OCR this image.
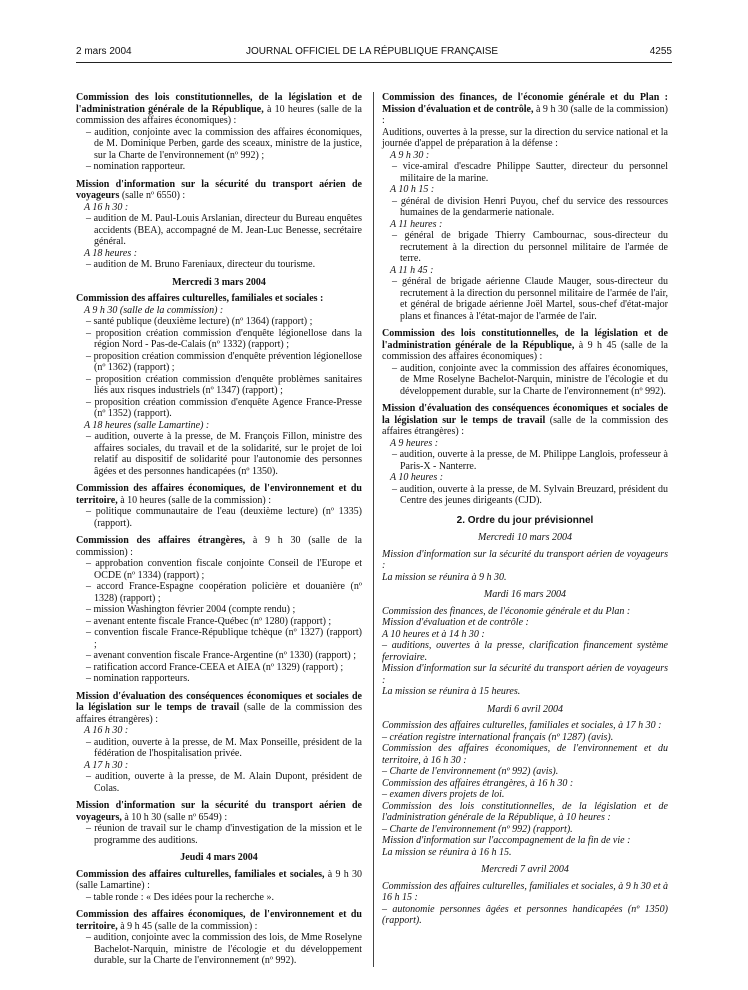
2 mars 2004	JOURNAL OFFICIEL DE LA RÉPUBLIQUE FRANÇAISE	4255
Commission des lois constitutionnelles, de la législation et de l'administration générale de la République, à 10 heures (salle de la commission des affaires économiques) :
– audition, conjointe avec la commission des affaires économiques, de M. Dominique Perben, garde des sceaux, ministre de la justice, sur la Charte de l'environnement (nº 992) ;
– nomination rapporteur.
Mission d'information sur la sécurité du transport aérien de voyageurs (salle nº 6550) :
A 16 h 30 :
– audition de M. Paul-Louis Arslanian, directeur du Bureau enquêtes accidents (BEA), accompagné de M. Jean-Luc Benesse, secrétaire général.
A 18 heures :
– audition de M. Bruno Fareniaux, directeur du tourisme.
Mercredi 3 mars 2004
Commission des affaires culturelles, familiales et sociales :
A 9 h 30 (salle de la commission) :
– santé publique (deuxième lecture) (nº 1364) (rapport) ;
– proposition création commission d'enquête légionellose dans la région Nord - Pas-de-Calais (nº 1332) (rapport) ;
– proposition création commission d'enquête prévention légionellose (nº 1362) (rapport) ;
– proposition création commission d'enquête problèmes sanitaires liés aux risques industriels (nº 1347) (rapport) ;
– proposition création commission d'enquête Agence France-Presse (nº 1352) (rapport).
A 18 heures (salle Lamartine) :
– audition, ouverte à la presse, de M. François Fillon, ministre des affaires sociales, du travail et de la solidarité, sur le projet de loi relatif au dispositif de solidarité pour l'autonomie des personnes âgées et des personnes handicapées (nº 1350).
Commission des affaires économiques, de l'environnement et du territoire, à 10 heures (salle de la commission) :
– politique communautaire de l'eau (deuxième lecture) (nº 1335) (rapport).
Commission des affaires étrangères, à 9 h 30 (salle de la commission) :
– approbation convention fiscale conjointe Conseil de l'Europe et OCDE (nº 1334) (rapport) ;
– accord France-Espagne coopération policière et douanière (nº 1328) (rapport) ;
– mission Washington février 2004 (compte rendu) ;
– avenant entente fiscale France-Québec (nº 1280) (rapport) ;
– convention fiscale France-République tchèque (nº 1327) (rapport) ;
– avenant convention fiscale France-Argentine (nº 1330) (rapport) ;
– ratification accord France-CEEA et AIEA (nº 1329) (rapport) ;
– nomination rapporteurs.
Mission d'évaluation des conséquences économiques et sociales de la législation sur le temps de travail (salle de la commission des affaires étrangères) :
A 16 h 30 :
– audition, ouverte à la presse, de M. Max Ponseille, président de la fédération de l'hospitalisation privée.
A 17 h 30 :
– audition, ouverte à la presse, de M. Alain Dupont, président de Colas.
Mission d'information sur la sécurité du transport aérien de voyageurs, à 10 h 30 (salle nº 6549) :
– réunion de travail sur le champ d'investigation de la mission et le programme des auditions.
Jeudi 4 mars 2004
Commission des affaires culturelles, familiales et sociales, à 9 h 30 (salle Lamartine) :
– table ronde : « Des idées pour la recherche ».
Commission des affaires économiques, de l'environnement et du territoire, à 9 h 45 (salle de la commission) :
– audition, conjointe avec la commission des lois, de Mme Roselyne Bachelot-Narquin, ministre de l'écologie et du développement durable, sur la Charte de l'environnement (nº 992).
Commission des finances, de l'économie générale et du Plan : Mission d'évaluation et de contrôle, à 9 h 30 (salle de la commission) :
Auditions, ouvertes à la presse, sur la direction du service national et la journée d'appel de préparation à la défense :
A 9 h 30 :
– vice-amiral d'escadre Philippe Sautter, directeur du personnel militaire de la marine.
A 10 h 15 :
– général de division Henri Puyou, chef du service des ressources humaines de la gendarmerie nationale.
A 11 heures :
– général de brigade Thierry Cambournac, sous-directeur du recrutement à la direction du personnel militaire de l'armée de terre.
A 11 h 45 :
– général de brigade aérienne Claude Mauger, sous-directeur du recrutement à la direction du personnel militaire de l'armée de l'air, et général de brigade aérienne Joël Martel, sous-chef d'état-major plans et finances à l'état-major de l'armée de l'air.
Commission des lois constitutionnelles, de la législation et de l'administration générale de la République, à 9 h 45 (salle de la commission des affaires économiques) :
– audition, conjointe avec la commission des affaires économiques, de Mme Roselyne Bachelot-Narquin, ministre de l'écologie et du développement durable, sur la Charte de l'environnement (nº 992).
Mission d'évaluation des conséquences économiques et sociales de la législation sur le temps de travail (salle de la commission des affaires étrangères) :
A 9 heures :
– audition, ouverte à la presse, de M. Philippe Langlois, professeur à Paris-X - Nanterre.
A 10 heures :
– audition, ouverte à la presse, de M. Sylvain Breuzard, président du Centre des jeunes dirigeants (CJD).
2. Ordre du jour prévisionnel
Mercredi 10 mars 2004
Mission d'information sur la sécurité du transport aérien de voyageurs :
La mission se réunira à 9 h 30.
Mardi 16 mars 2004
Commission des finances, de l'économie générale et du Plan :
Mission d'évaluation et de contrôle :
A 10 heures et à 14 h 30 :
– auditions, ouvertes à la presse, clarification financement système ferroviaire.
Mission d'information sur la sécurité du transport aérien de voyageurs :
La mission se réunira à 15 heures.
Mardi 6 avril 2004
Commission des affaires culturelles, familiales et sociales, à 17 h 30 :
– création registre international français (nº 1287) (avis).
Commission des affaires économiques, de l'environnement et du territoire, à 16 h 30 :
– Charte de l'environnement (nº 992) (avis).
Commission des affaires étrangères, à 16 h 30 :
– examen divers projets de loi.
Commission des lois constitutionnelles, de la législation et de l'administration générale de la République, à 10 heures :
– Charte de l'environnement (nº 992) (rapport).
Mission d'information sur l'accompagnement de la fin de vie :
La mission se réunira à 16 h 15.
Mercredi 7 avril 2004
Commission des affaires culturelles, familiales et sociales, à 9 h 30 et à 16 h 15 :
– autonomie personnes âgées et personnes handicapées (nº 1350) (rapport).
